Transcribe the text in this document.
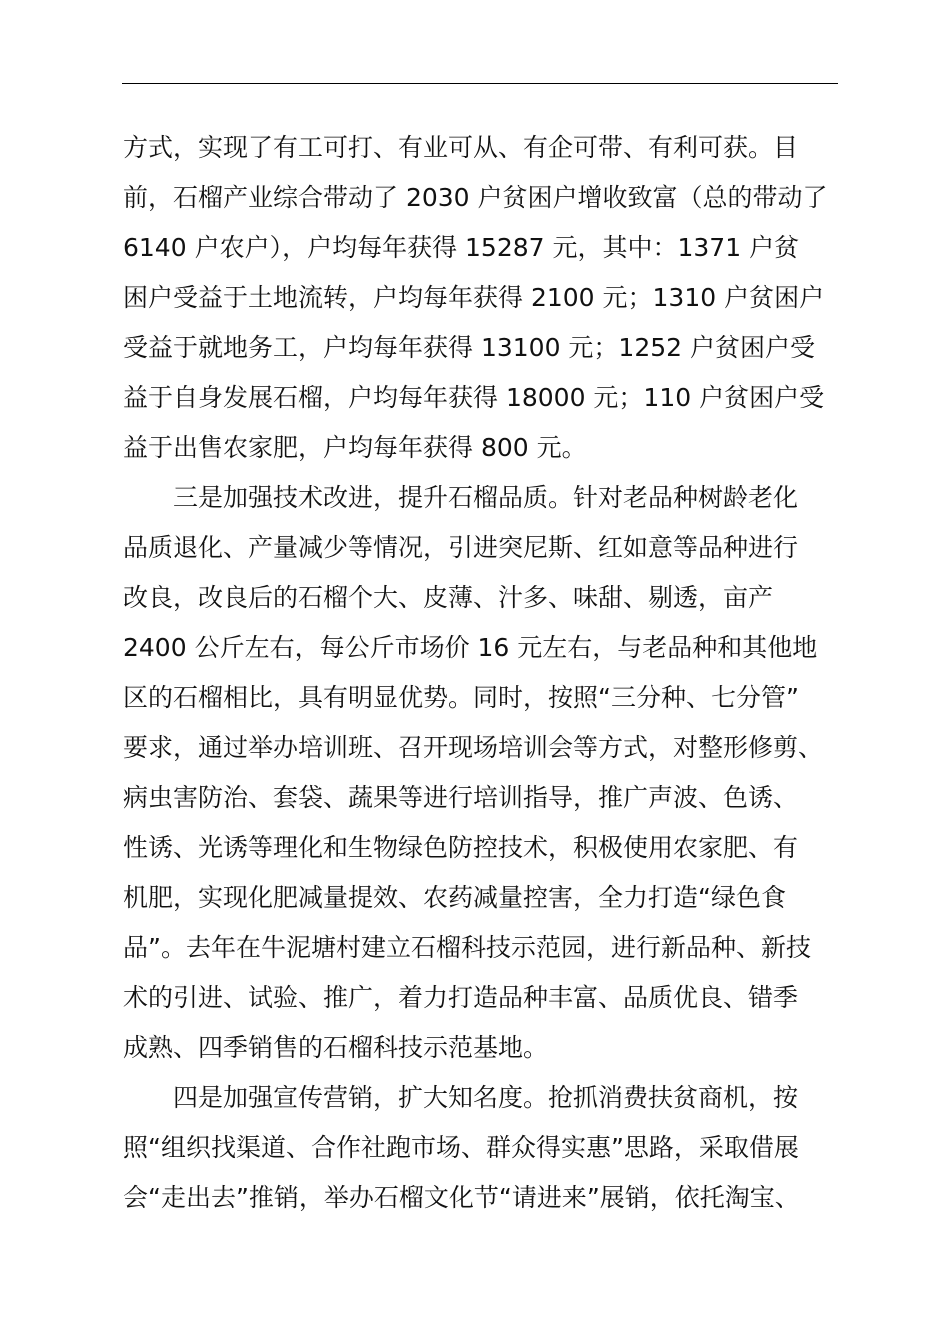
方式，实现了有工可打、有业可从、有企可带、有利可获。目
前，石榴产业综合带动了 2030 户贫困户增收致富（总的带动了
6140 户农户），户均每年获得 15287 元，其中：1371 户贫
困户受益于土地流转，户均每年获得 2100 元；1310 户贫困户
受益于就地务工，户均每年获得 13100 元；1252 户贫困户受
益于自身发展石榴，户均每年获得 18000 元；110 户贫困户受
益于出售农家肥，户均每年获得 800 元。
三是加强技术改进，提升石榴品质。针对老品种树龄老化
品质退化、产量减少等情况，引进突尼斯、红如意等品种进行
改良，改良后的石榴个大、皮薄、汁多、味甜、剔透，亩产
2400 公斤左右，每公斤市场价 16 元左右，与老品种和其他地
区的石榴相比，具有明显优势。同时，按照“三分种、七分管”
要求，通过举办培训班、召开现场培训会等方式，对整形修剪、
病虫害防治、套袋、蔬果等进行培训指导，推广声波、色诱、
性诱、光诱等理化和生物绿色防控技术，积极使用农家肥、有
机肥，实现化肥减量提效、农药减量控害，全力打造“绿色食
品”。去年在牛泥塘村建立石榴科技示范园，进行新品种、新技
术的引进、试验、推广，着力打造品种丰富、品质优良、错季
成熟、四季销售的石榴科技示范基地。
四是加强宣传营销，扩大知名度。抢抓消费扶贫商机，按
照“组织找渠道、合作社跑市场、群众得实惠”思路，采取借展
会“走出去”推销，举办石榴文化节“请进来”展销，依托淘宝、
